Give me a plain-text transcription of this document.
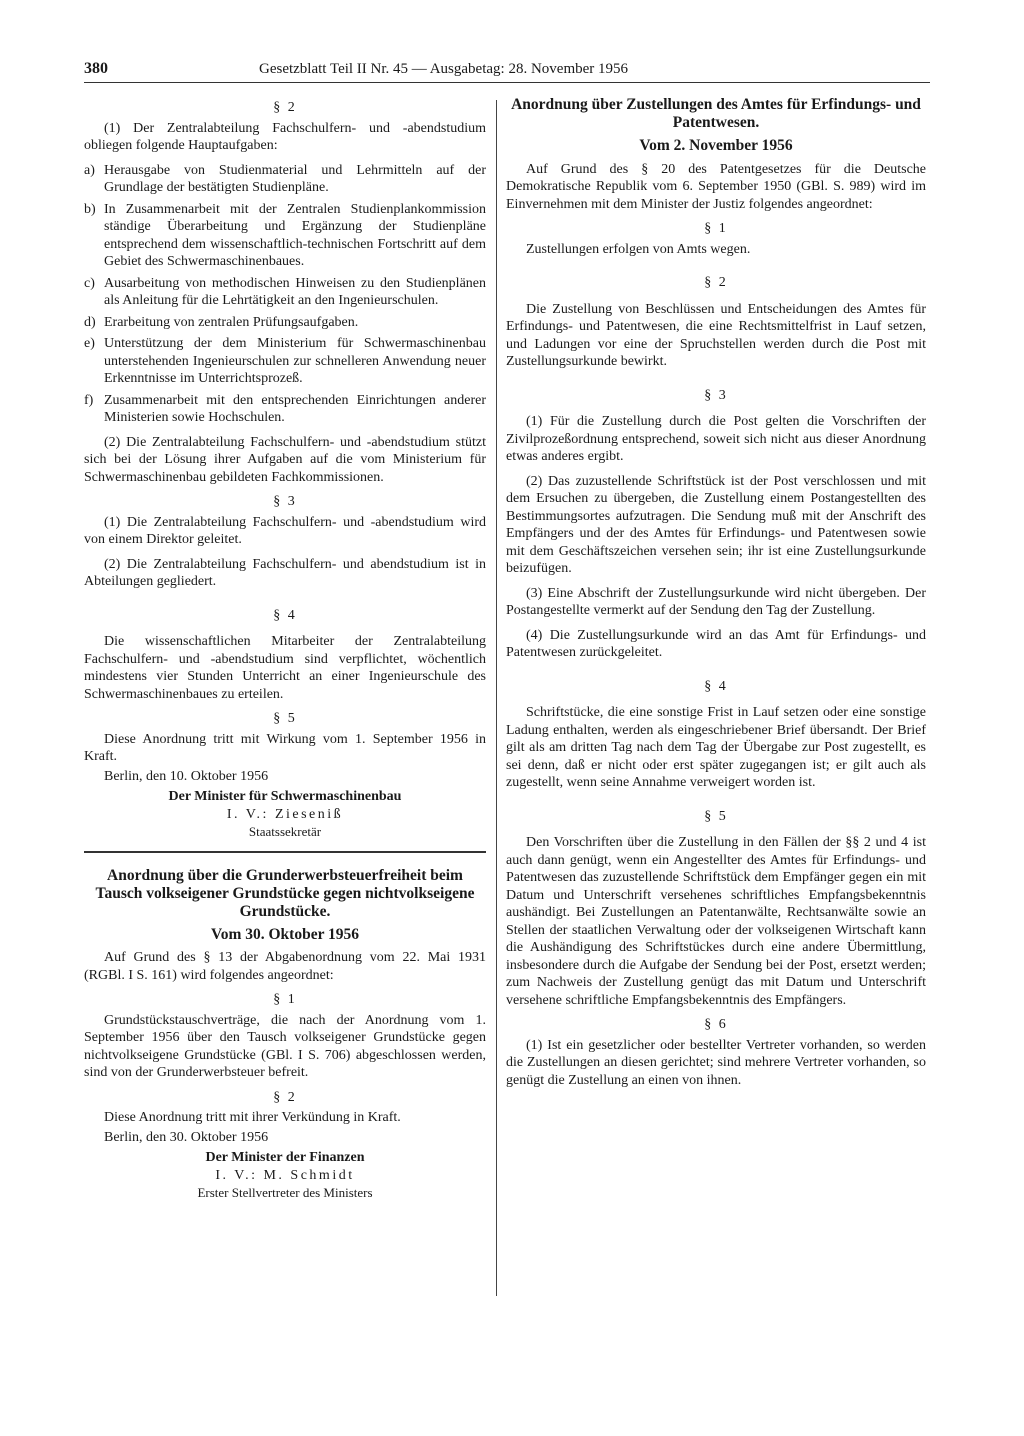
380	Gesetzblatt Teil II Nr. 45 — Ausgabetag: 28. November 1956

§ 2

(1) Der Zentralabteilung Fachschulfern- und -abendstudium obliegen folgende Hauptaufgaben:

a) Herausgabe von Studienmaterial und Lehrmitteln auf der Grundlage der bestätigten Studienpläne.
b) In Zusammenarbeit mit der Zentralen Studienplankommission ständige Überarbeitung und Ergänzung der Studienpläne entsprechend dem wissenschaftlich-technischen Fortschritt auf dem Gebiet des Schwermaschinenbaues.
c) Ausarbeitung von methodischen Hinweisen zu den Studienplänen als Anleitung für die Lehrtätigkeit an den Ingenieurschulen.
d) Erarbeitung von zentralen Prüfungsaufgaben.
e) Unterstützung der dem Ministerium für Schwermaschinenbau unterstehenden Ingenieurschulen zur schnelleren Anwendung neuer Erkenntnisse im Unterrichtsprozeß.
f) Zusammenarbeit mit den entsprechenden Einrichtungen anderer Ministerien sowie Hochschulen.

(2) Die Zentralabteilung Fachschulfern- und -abendstudium stützt sich bei der Lösung ihrer Aufgaben auf die vom Ministerium für Schwermaschinenbau gebildeten Fachkommissionen.

§ 3

(1) Die Zentralabteilung Fachschulfern- und -abendstudium wird von einem Direktor geleitet.

(2) Die Zentralabteilung Fachschulfern- und abendstudium ist in Abteilungen gegliedert.

§ 4

Die wissenschaftlichen Mitarbeiter der Zentralabteilung Fachschulfern- und -abendstudium sind verpflichtet, wöchentlich mindestens vier Stunden Unterricht an einer Ingenieurschule des Schwermaschinenbaues zu erteilen.

§ 5

Diese Anordnung tritt mit Wirkung vom 1. September 1956 in Kraft.

Berlin, den 10. Oktober 1956

Der Minister für Schwermaschinenbau

I. V.: Ziesenіß

Staatssekretär

Anordnung über die Grunderwerbsteuerfreiheit beim Tausch volkseigener Grundstücke gegen nichtvolkseigene Grundstücke.

Vom 30. Oktober 1956

Auf Grund des § 13 der Abgabenordnung vom 22. Mai 1931 (RGBl. I S. 161) wird folgendes angeordnet:

§ 1

Grundstückstauschverträge, die nach der Anordnung vom 1. September 1956 über den Tausch volkseigener Grundstücke gegen nichtvolkseigene Grundstücke (GBl. I S. 706) abgeschlossen werden, sind von der Grunderwerbsteuer befreit.

§ 2

Diese Anordnung tritt mit ihrer Verkündung in Kraft.

Berlin, den 30. Oktober 1956

Der Minister der Finanzen

I. V.: M. Schmidt

Erster Stellvertreter des Ministers

Anordnung über Zustellungen des Amtes für Erfindungs- und Patentwesen.

Vom 2. November 1956

Auf Grund des § 20 des Patentgesetzes für die Deutsche Demokratische Republik vom 6. September 1950 (GBl. S. 989) wird im Einvernehmen mit dem Minister der Justiz folgendes angeordnet:

§ 1

Zustellungen erfolgen von Amts wegen.

§ 2

Die Zustellung von Beschlüssen und Entscheidungen des Amtes für Erfindungs- und Patentwesen, die eine Rechtsmittelfrist in Lauf setzen, und Ladungen vor eine der Spruchstellen werden durch die Post mit Zustellungsurkunde bewirkt.

§ 3

(1) Für die Zustellung durch die Post gelten die Vorschriften der Zivilprozeßordnung entsprechend, soweit sich nicht aus dieser Anordnung etwas anderes ergibt.

(2) Das zuzustellende Schriftstück ist der Post verschlossen und mit dem Ersuchen zu übergeben, die Zustellung einem Postangestellten des Bestimmungsortes aufzutragen. Die Sendung muß mit der Anschrift des Empfängers und der des Amtes für Erfindungs- und Patentwesen sowie mit dem Geschäftszeichen versehen sein; ihr ist eine Zustellungsurkunde beizufügen.

(3) Eine Abschrift der Zustellungsurkunde wird nicht übergeben. Der Postangestellte vermerkt auf der Sendung den Tag der Zustellung.

(4) Die Zustellungsurkunde wird an das Amt für Erfindungs- und Patentwesen zurückgeleitet.

§ 4

Schriftstücke, die eine sonstige Frist in Lauf setzen oder eine sonstige Ladung enthalten, werden als eingeschriebener Brief übersandt. Der Brief gilt als am dritten Tag nach dem Tag der Übergabe zur Post zugestellt, es sei denn, daß er nicht oder erst später zugegangen ist; er gilt auch als zugestellt, wenn seine Annahme verweigert worden ist.

§ 5

Den Vorschriften über die Zustellung in den Fällen der §§ 2 und 4 ist auch dann genügt, wenn ein Angestellter des Amtes für Erfindungs- und Patentwesen das zuzustellende Schriftstück dem Empfänger gegen ein mit Datum und Unterschrift versehenes schriftliches Empfangsbekenntnis aushändigt. Bei Zustellungen an Patentanwälte, Rechtsanwälte sowie an Stellen der staatlichen Verwaltung oder der volkseigenen Wirtschaft kann die Aushändigung des Schriftstückes durch eine andere Übermittlung, insbesondere durch die Aufgabe der Sendung bei der Post, ersetzt werden; zum Nachweis der Zustellung genügt das mit Datum und Unterschrift versehene schriftliche Empfangsbekenntnis des Empfängers.

§ 6

(1) Ist ein gesetzlicher oder bestellter Vertreter vorhanden, so werden die Zustellungen an diesen gerichtet; sind mehrere Vertreter vorhanden, so genügt die Zustellung an einen von ihnen.
